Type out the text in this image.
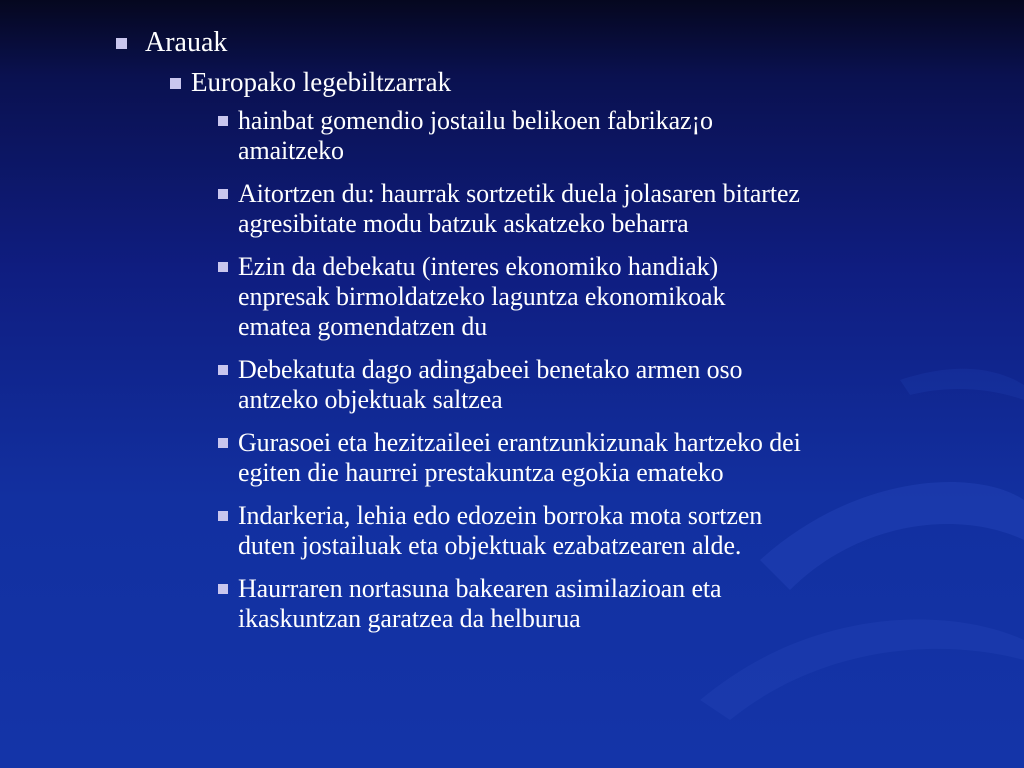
Arauak
Europako legebiltzarrak
hainbat gomendio jostailu belikoen fabrikaz¡o
amaitzeko
Aitortzen du: haurrak sortzetik duela jolasaren bitartez
agresibitate modu batzuk askatzeko beharra
Ezin da debekatu (interes ekonomiko handiak)
enpresak birmoldatzeko laguntza ekonomikoak
ematea gomendatzen du
Debekatuta dago adingabeei benetako armen oso
antzeko objektuak saltzea
Gurasoei eta hezitzaileei erantzunkizunak hartzeko dei
egiten die haurrei prestakuntza egokia emateko
Indarkeria, lehia edo edozein borroka mota sortzen
duten jostailuak eta objektuak ezabatzearen alde.
Haurraren nortasuna bakearen asimilazioan eta
ikaskuntzan garatzea da helburua
